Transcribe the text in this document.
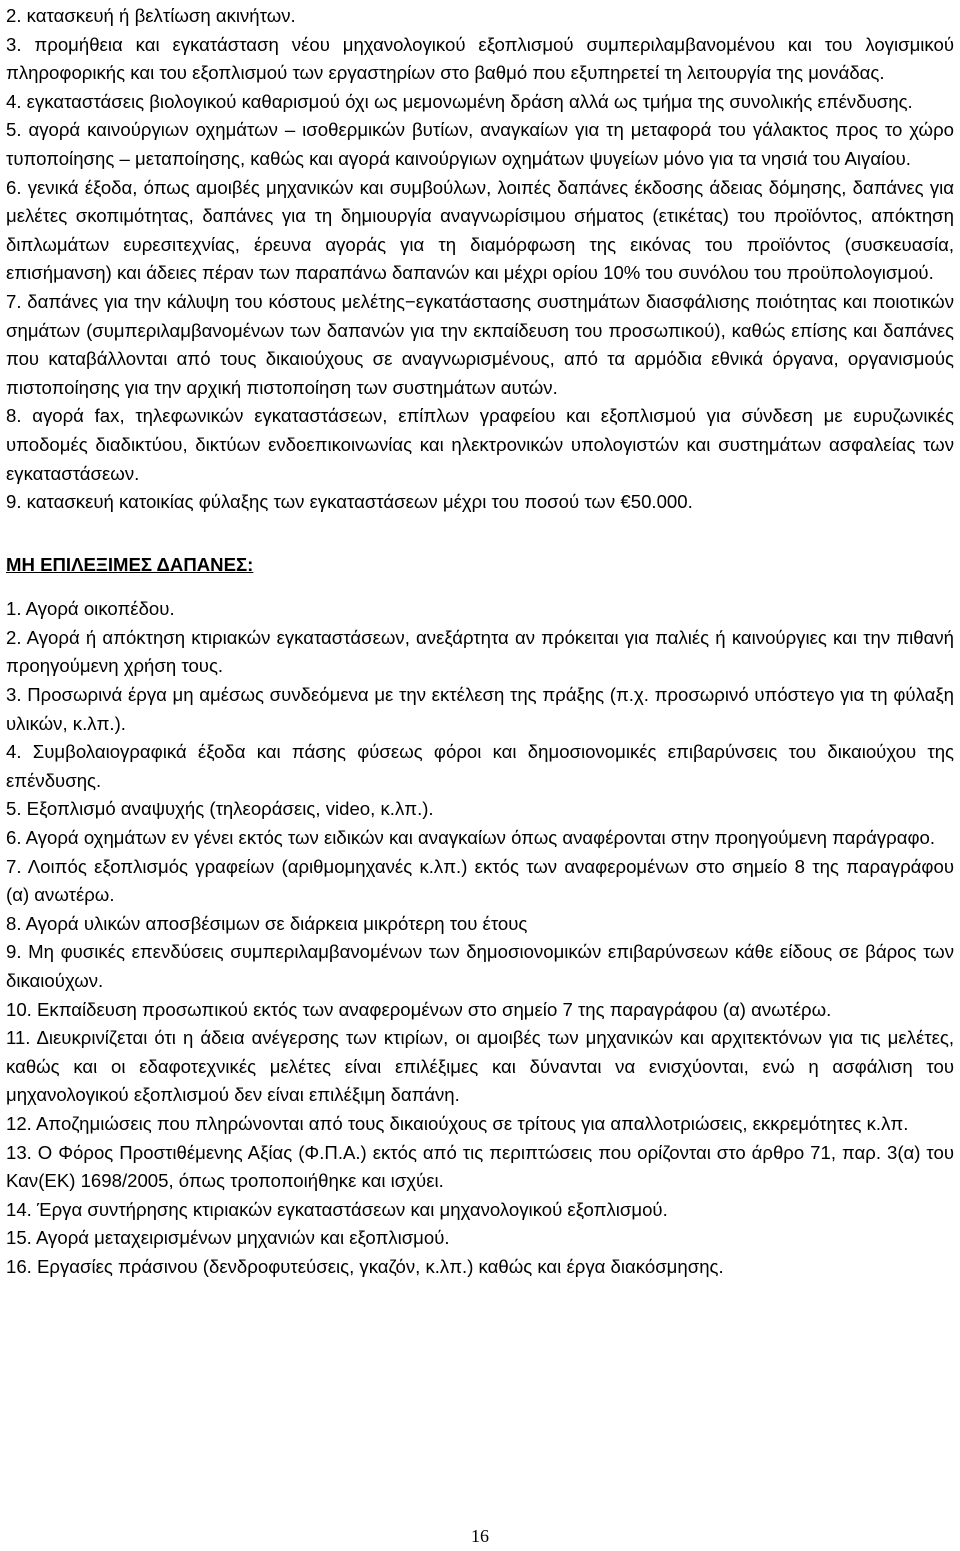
2. κατασκευή ή βελτίωση ακινήτων.

3. προμήθεια και εγκατάσταση νέου μηχανολογικού εξοπλισμού συμπεριλαμβανομένου και του λογισμικού πληροφορικής και του εξοπλισμού των εργαστηρίων στο βαθμό που εξυπηρετεί τη λειτουργία της μονάδας.

4. εγκαταστάσεις βιολογικού καθαρισμού όχι ως μεμονωμένη δράση αλλά ως τμήμα της συνολικής επένδυσης.

5. αγορά καινούργιων οχημάτων – ισοθερμικών βυτίων, αναγκαίων για τη μεταφορά του γάλακτος προς το χώρο τυποποίησης – μεταποίησης, καθώς και αγορά καινούργιων οχημάτων ψυγείων μόνο για τα νησιά του Αιγαίου.

6. γενικά έξοδα, όπως αμοιβές μηχανικών και συμβούλων, λοιπές δαπάνες έκδοσης άδειας δόμησης, δαπάνες για μελέτες σκοπιμότητας, δαπάνες για τη δημιουργία αναγνωρίσιμου σήματος (ετικέτας) του προϊόντος, απόκτηση διπλωμάτων ευρεσιτεχνίας, έρευνα αγοράς για τη διαμόρφωση της εικόνας του προϊόντος (συσκευασία, επισήμανση) και άδειες πέραν των παραπάνω δαπανών και μέχρι ορίου 10% του συνόλου του προϋπολογισμού.

7. δαπάνες για την κάλυψη του κόστους μελέτης−εγκατάστασης συστημάτων διασφάλισης ποιότητας και ποιοτικών σημάτων (συμπεριλαμβανομένων των δαπανών για την εκπαίδευση του προσωπικού), καθώς επίσης και δαπάνες που καταβάλλονται από τους δικαιούχους σε αναγνωρισμένους, από τα αρμόδια εθνικά όργανα, οργανισμούς πιστοποίησης για την αρχική πιστοποίηση των συστημάτων αυτών.

8. αγορά fax, τηλεφωνικών εγκαταστάσεων, επίπλων γραφείου και εξοπλισμού για σύνδεση με ευρυζωνικές υποδομές διαδικτύου, δικτύων ενδοεπικοινωνίας και ηλεκτρονικών υπολογιστών και συστημάτων ασφαλείας των εγκαταστάσεων.

9. κατασκευή κατοικίας φύλαξης των εγκαταστάσεων μέχρι του ποσού των €50.000.

ΜΗ ΕΠΙΛΕΞΙΜΕΣ ΔΑΠΑΝΕΣ:

1. Αγορά οικοπέδου.

2. Αγορά ή απόκτηση κτιριακών εγκαταστάσεων, ανεξάρτητα αν πρόκειται για παλιές ή καινούργιες και την πιθανή προηγούμενη χρήση τους.

3. Προσωρινά έργα μη αμέσως συνδεόμενα με την εκτέλεση της πράξης (π.χ. προσωρινό υπόστεγο για τη φύλαξη υλικών, κ.λπ.).

4. Συμβολαιογραφικά έξοδα και πάσης φύσεως φόροι και δημοσιονομικές επιβαρύνσεις του δικαιούχου της επένδυσης.

5. Εξοπλισμό αναψυχής (τηλεοράσεις, video, κ.λπ.).

6. Αγορά οχημάτων εν γένει εκτός των ειδικών και αναγκαίων όπως αναφέρονται στην προηγούμενη παράγραφο.

7. Λοιπός εξοπλισμός γραφείων (αριθμομηχανές κ.λπ.) εκτός των αναφερομένων στο σημείο 8 της παραγράφου (α) ανωτέρω.

8. Αγορά υλικών αποσβέσιμων σε διάρκεια μικρότερη του έτους

9. Μη φυσικές επενδύσεις συμπεριλαμβανομένων των δημοσιονομικών επιβαρύνσεων κάθε είδους σε βάρος των δικαιούχων.

10. Εκπαίδευση προσωπικού εκτός των αναφερομένων στο σημείο 7 της παραγράφου (α) ανωτέρω.

11. Διευκρινίζεται ότι η άδεια ανέγερσης των κτιρίων, οι αμοιβές των μηχανικών και αρχιτεκτόνων για τις μελέτες, καθώς και οι εδαφοτεχνικές μελέτες είναι επιλέξιμες και δύνανται να ενισχύονται, ενώ η ασφάλιση του μηχανολογικού εξοπλισμού δεν είναι επιλέξιμη δαπάνη.

12. Αποζημιώσεις που πληρώνονται από τους δικαιούχους σε τρίτους για απαλλοτριώσεις, εκκρεμότητες κ.λπ.

13. Ο Φόρος Προστιθέμενης Αξίας (Φ.Π.Α.) εκτός από τις περιπτώσεις που ορίζονται στο άρθρο 71, παρ. 3(α) του Καν(ΕΚ) 1698/2005, όπως τροποποιήθηκε και ισχύει.

14. Έργα συντήρησης κτιριακών εγκαταστάσεων και μηχανολογικού εξοπλισμού.

15. Αγορά μεταχειρισμένων μηχανιών και εξοπλισμού.

16. Εργασίες πράσινου (δενδροφυτεύσεις, γκαζόν, κ.λπ.) καθώς και έργα διακόσμησης.

16
